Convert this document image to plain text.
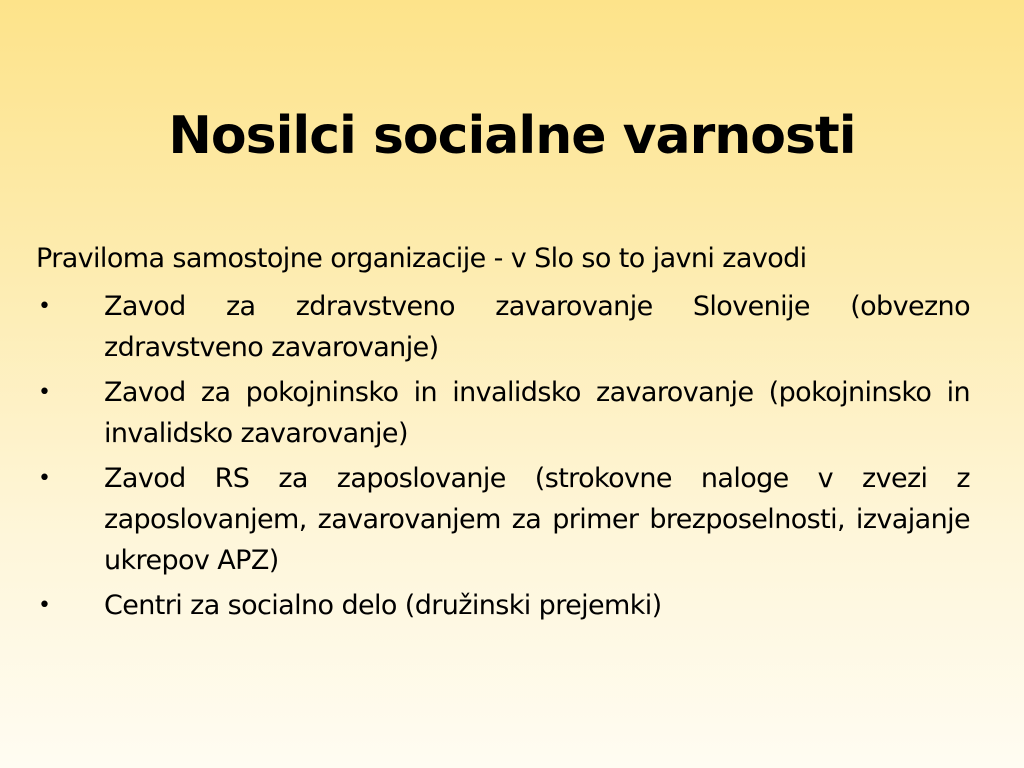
Nosilci socialne varnosti

Praviloma samostojne organizacije - v Slo so to javni zavodi

• Zavod za zdravstveno zavarovanje Slovenije (obvezno zdravstveno zavarovanje)
• Zavod za pokojninsko in invalidsko zavarovanje (pokojninsko in invalidsko zavarovanje)
• Zavod RS za zaposlovanje (strokovne naloge v zvezi z zaposlovanjem, zavarovanjem za primer brezposelnosti, izvajanje ukrepov APZ)
• Centri za socialno delo (družinski prejemki)
